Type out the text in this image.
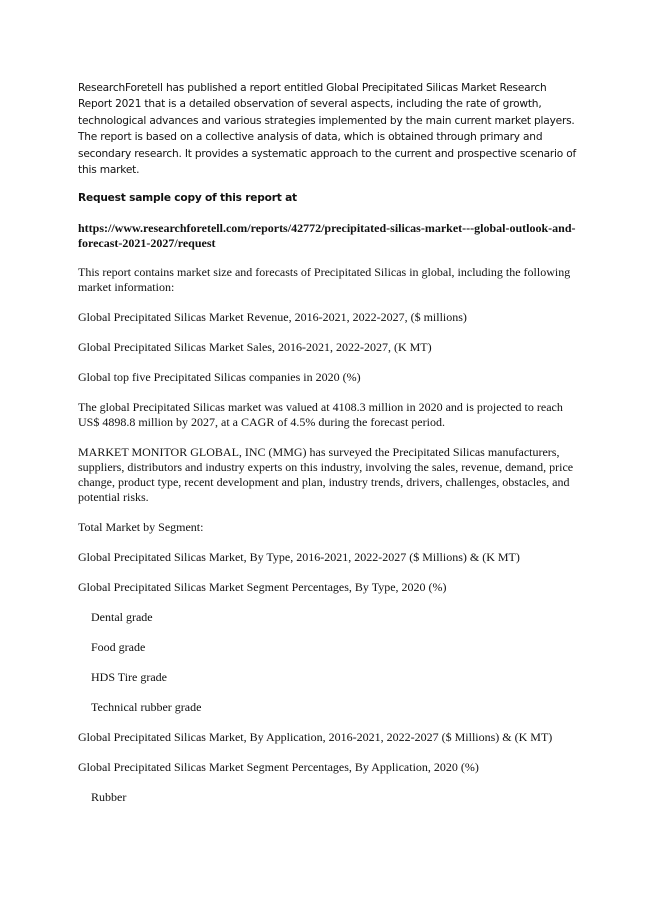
ResearchForetell has published a report entitled Global Precipitated Silicas Market Research Report 2021 that is a detailed observation of several aspects, including the rate of growth, technological advances and various strategies implemented by the main current market players. The report is based on a collective analysis of data, which is obtained through primary and secondary research. It provides a systematic approach to the current and prospective scenario of this market.

Request sample copy of this report at

https://www.researchforetell.com/reports/42772/precipitated-silicas-market---global-outlook-and-forecast-2021-2027/request

This report contains market size and forecasts of Precipitated Silicas in global, including the following market information:

Global Precipitated Silicas Market Revenue, 2016-2021, 2022-2027, ($ millions)

Global Precipitated Silicas Market Sales, 2016-2021, 2022-2027, (K MT)

Global top five Precipitated Silicas companies in 2020 (%)

The global Precipitated Silicas market was valued at 4108.3 million in 2020 and is projected to reach US$ 4898.8 million by 2027, at a CAGR of 4.5% during the forecast period.

MARKET MONITOR GLOBAL, INC (MMG) has surveyed the Precipitated Silicas manufacturers, suppliers, distributors and industry experts on this industry, involving the sales, revenue, demand, price change, product type, recent development and plan, industry trends, drivers, challenges, obstacles, and potential risks.

Total Market by Segment:

Global Precipitated Silicas Market, By Type, 2016-2021, 2022-2027 ($ Millions) & (K MT)

Global Precipitated Silicas Market Segment Percentages, By Type, 2020 (%)

Dental grade

Food grade

HDS Tire grade

Technical rubber grade

Global Precipitated Silicas Market, By Application, 2016-2021, 2022-2027 ($ Millions) & (K MT)

Global Precipitated Silicas Market Segment Percentages, By Application, 2020 (%)

Rubber
